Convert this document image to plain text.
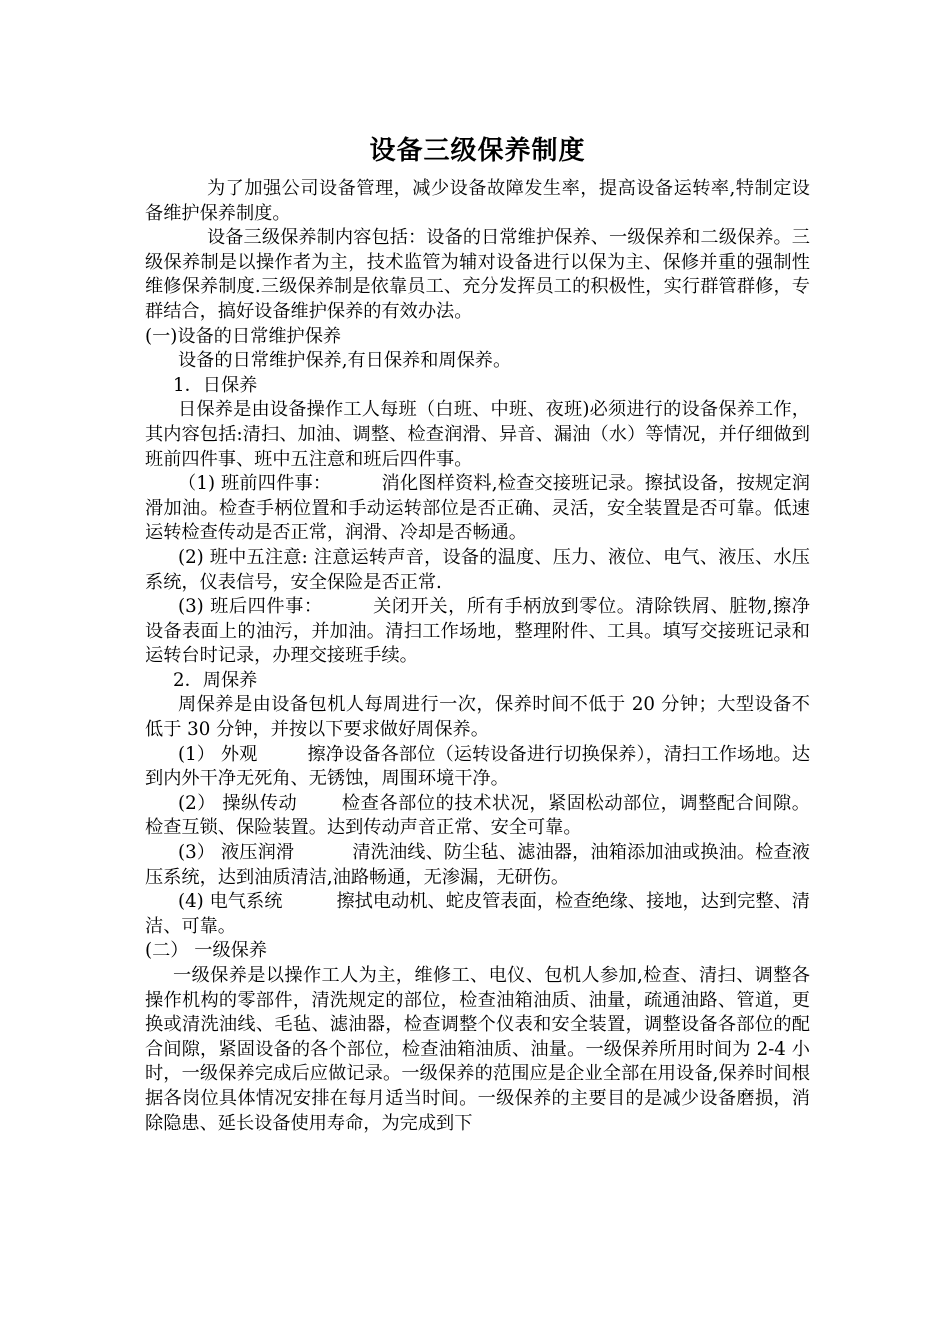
设备三级保养制度

为了加强公司设备管理，减少设备故障发生率，提高设备运转率,特制定设备维护保养制度。

设备三级保养制内容包括：设备的日常维护保养、一级保养和二级保养。三级保养制是以操作者为主，技术监管为辅对设备进行以保为主、保修并重的强制性维修保养制度.三级保养制是依靠员工、充分发挥员工的积极性，实行群管群修，专群结合，搞好设备维护保养的有效办法。

(一)设备的日常维护保养

设备的日常维护保养,有日保养和周保养。

1．日保养

日保养是由设备操作工人每班（白班、中班、夜班)必须进行的设备保养工作，其内容包括:清扫、加油、调整、检查润滑、异音、漏油（水）等情况，并仔细做到班前四件事、班中五注意和班后四件事。

（1) 班前四件事：	消化图样资料,检查交接班记录。擦拭设备，按规定润滑加油。检查手柄位置和手动运转部位是否正确、灵活，安全装置是否可靠。低速运转检查传动是否正常，润滑、冷却是否畅通。

(2) 班中五注意: 注意运转声音，设备的温度、压力、液位、电气、液压、水压系统，仪表信号，安全保险是否正常.

(3) 班后四件事：	关闭开关，所有手柄放到零位。清除铁屑、脏物,擦净设备表面上的油污，并加油。清扫工作场地，整理附件、工具。填写交接班记录和运转台时记录，办理交接班手续。

2．周保养

周保养是由设备包机人每周进行一次，保养时间不低于 20 分钟；大型设备不低于 30 分钟，并按以下要求做好周保养。

(1） 外观	擦净设备各部位（运转设备进行切换保养），清扫工作场地。达到内外干净无死角、无锈蚀，周围环境干净。

(2） 操纵传动 检查各部位的技术状况，紧固松动部位，调整配合间隙。检查互锁、保险装置。达到传动声音正常、安全可靠。

(3） 液压润滑	清洗油线、防尘毡、滤油器，油箱添加油或换油。检查液压系统，达到油质清洁,油路畅通，无渗漏，无研伤。

(4) 电气系统	擦拭电动机、蛇皮管表面，检查绝缘、接地，达到完整、清洁、可靠。

(二） 一级保养

一级保养是以操作工人为主，维修工、电仪、包机人参加,检查、清扫、调整各操作机构的零部件，清洗规定的部位，检查油箱油质、油量，疏通油路、管道，更换或清洗油线、毛毡、滤油器，检查调整个仪表和安全装置，调整设备各部位的配合间隙，紧固设备的各个部位，检查油箱油质、油量。一级保养所用时间为 2-4 小时，一级保养完成后应做记录。一级保养的范围应是企业全部在用设备,保养时间根据各岗位具体情况安排在每月适当时间。一级保养的主要目的是减少设备磨损，消除隐患、延长设备使用寿命，为完成到下
